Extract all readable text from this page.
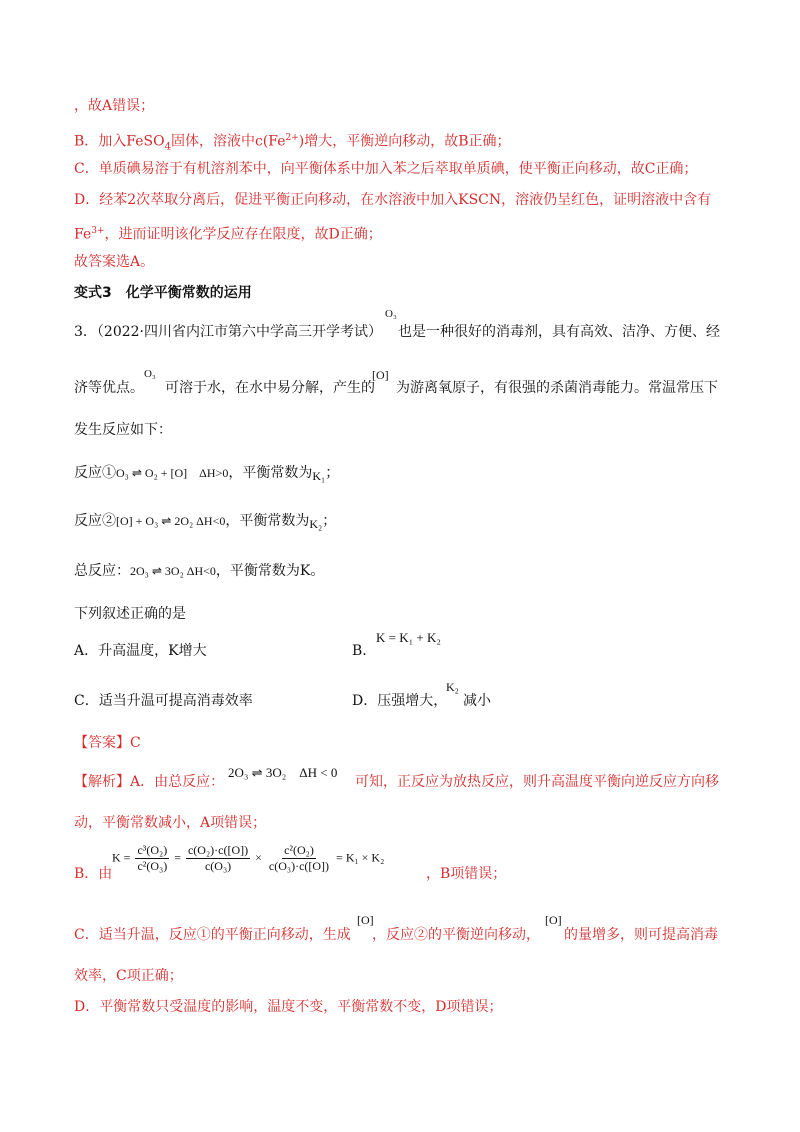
，故A错误；
B．加入FeSO$_4$固体，溶液中$c(Fe^{2+})$增大，平衡逆向移动，故B正确；
C．单质碘易溶于有机溶剂苯中，向平衡体系中加入苯之后萃取单质碘，使平衡正向移动，故C正确；
D．经苯2次萃取分离后，促进平衡正向移动，在水溶液中加入KSCN，溶液仍呈红色，证明溶液中含有
$Fe^{3+}$，进而证明该化学反应存在限度，故D正确；
故答案选A。
变式3　化学平衡常数的运用
3．（2022·四川省内江市第六中学高三开学考试）
O₃
也是一种很好的消毒剂，具有高效、洁净、方便、经
济等优点。
O₃
可溶于水，在水中易分解，产生的
[O]
为游离氧原子，有很强的杀菌消毒能力。常温常压下
发生反应如下：
反应①O₃ ⇌ O₂ + [O]　ΔH>0，平衡常数为K₁；
反应②[O] + O₃ ⇌ 2O₂ ΔH<0，平衡常数为K₂；
总反应：2O₃ ⇌ 3O₂ ΔH<0，平衡常数为K。
下列叙述正确的是
A．升高温度，K增大	B．
K = K₁ + K₂
C．适当升温可提高消毒效率	D．压强增大，
K₂
减小
【答案】C
【解析】A．由总反应：
2O₃ ⇌ 3O₂　ΔH < 0
可知，正反应为放热反应，则升高温度平衡向逆反应方向移
动，平衡常数减小，A项错误；
B．由
$K = \frac{\text{c³(O₂)}}{\text{c²(O₃)}} = \frac{\text{c(O₂)·c([O])}}{\text{c(O₃)}} \times \frac{\text{c²(O₂)}}{\text{c(O₃)·c([O])}} = K_1 \times K_2$
，B项错误；
C．适当升温，反应①的平衡正向移动，生成
[O]
，反应②的平衡逆向移动，
[O]
的量增多，则可提高消毒
效率，C项正确；
D．平衡常数只受温度的影响，温度不变，平衡常数不变，D项错误；
